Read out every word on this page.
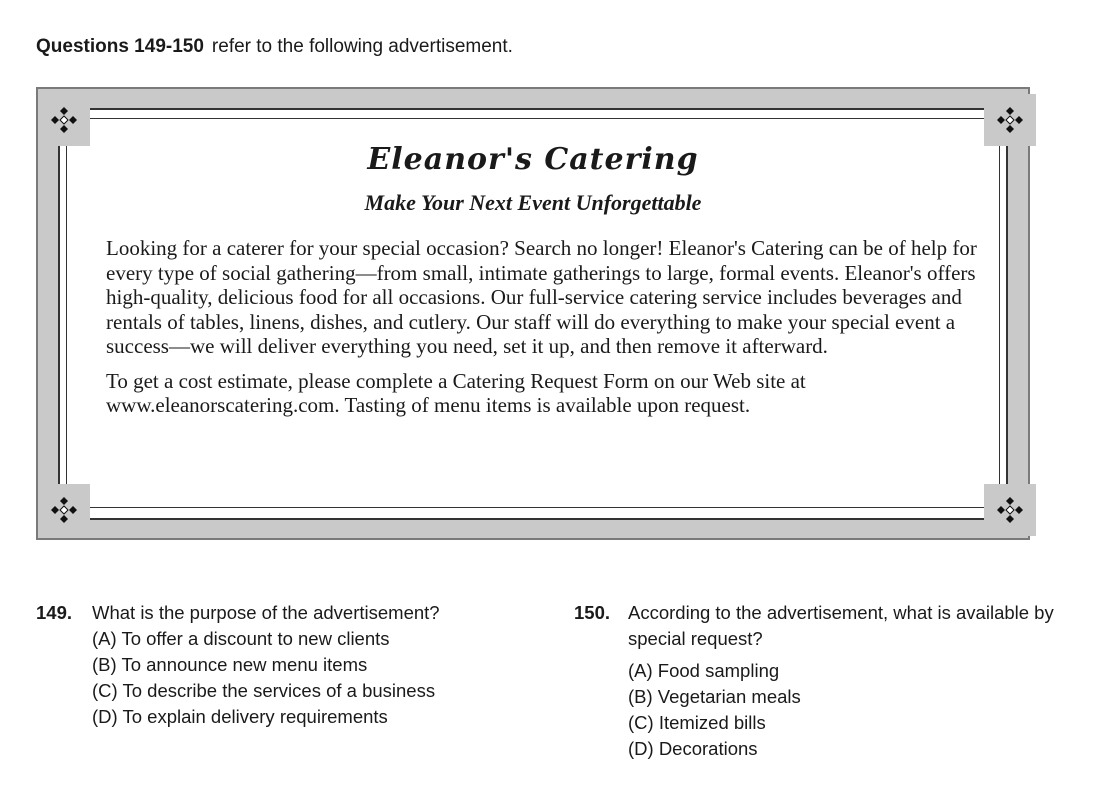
Questions 149-150 refer to the following advertisement.
Eleanor's Catering
Make Your Next Event Unforgettable

Looking for a caterer for your special occasion? Search no longer! Eleanor's Catering can be of help for every type of social gathering—from small, intimate gatherings to large, formal events. Eleanor's offers high-quality, delicious food for all occasions. Our full-service catering service includes beverages and rentals of tables, linens, dishes, and cutlery. Our staff will do everything to make your special event a success—we will deliver everything you need, set it up, and then remove it afterward.

To get a cost estimate, please complete a Catering Request Form on our Web site at www.eleanorscatering.com. Tasting of menu items is available upon request.

149.	What is the purpose of the advertisement?
(A) To offer a discount to new clients
(B) To announce new menu items
(C) To describe the services of a business
(D) To explain delivery requirements
150. According to the advertisement, what is available by special request?
(A) Food sampling
(B) Vegetarian meals
(C) Itemized bills
(D) Decorations
